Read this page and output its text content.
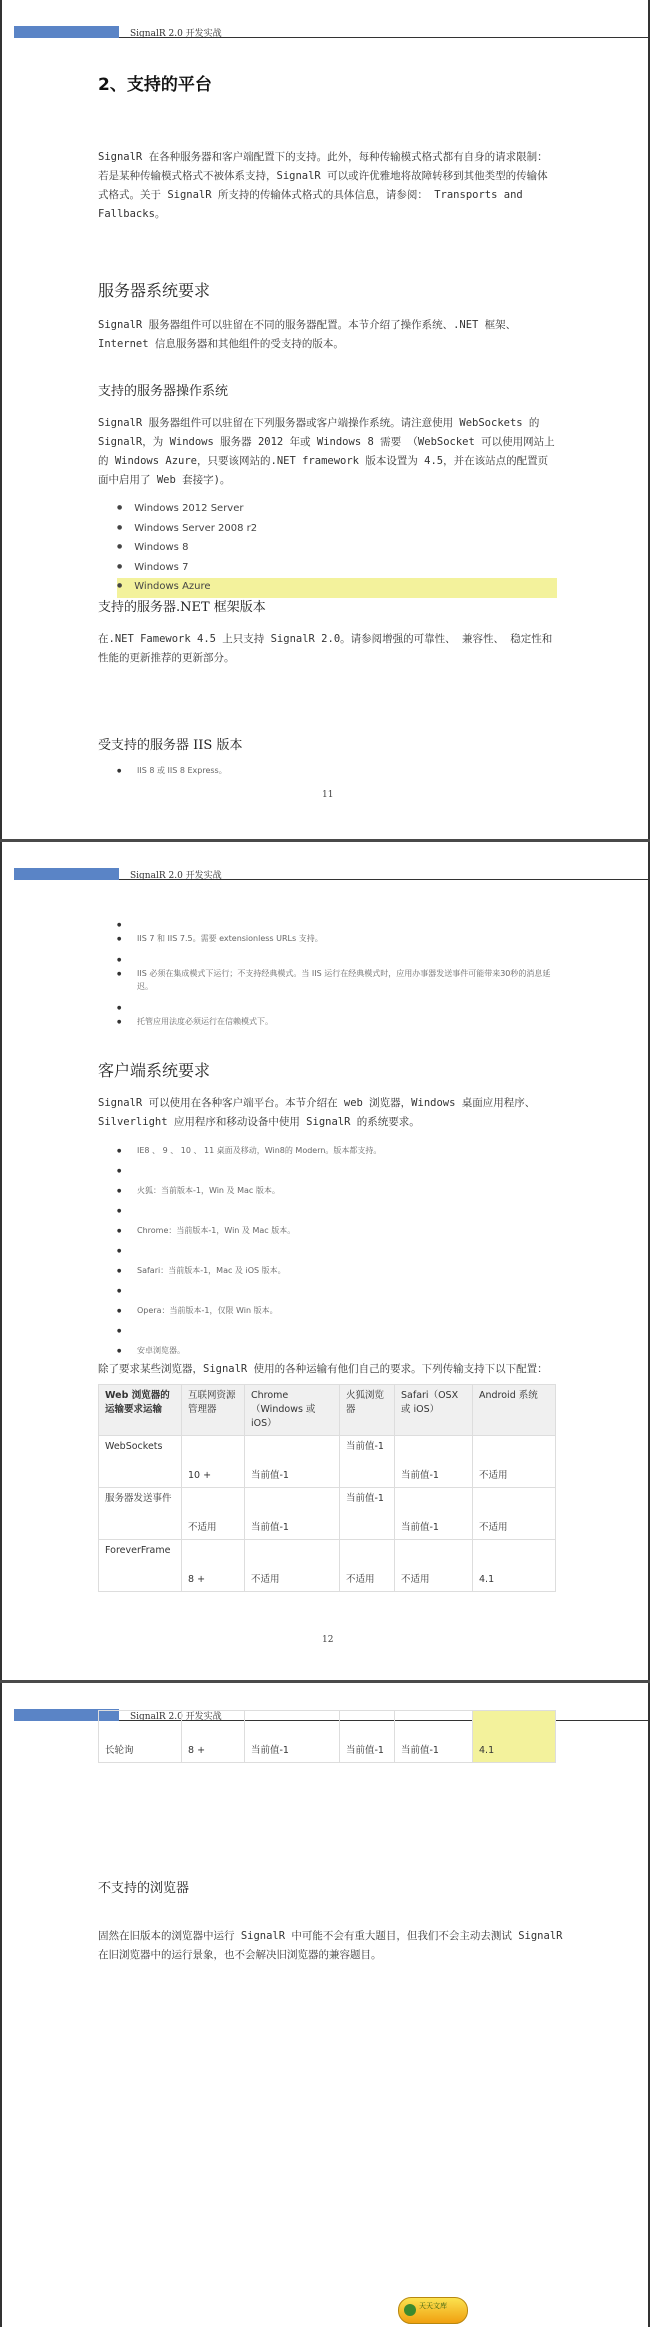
SignalR 2.0 开发实战
2、支持的平台
SignalR 在各种服务器和客户端配置下的支持。此外，每种传输模式格式都有自身的请求限制：若是某种传输模式格式不被体系支持，SignalR 可以或许优雅地将故障转移到其他类型的传输体式格式。关于 SignalR 所支持的传输体式格式的具体信息，请参阅： Transports and Fallbacks。
服务器系统要求
SignalR 服务器组件可以驻留在不同的服务器配置。本节介绍了操作系统、.NET 框架、Internet 信息服务器和其他组件的受支持的版本。
支持的服务器操作系统
SignalR 服务器组件可以驻留在下列服务器或客户端操作系统。请注意使用 WebSockets 的 SignalR，为 Windows 服务器 2012 年或 Windows 8 需要 （WebSocket 可以使用网站上的 Windows Azure，只要该网站的.NET framework 版本设置为 4.5，并在该站点的配置页面中启用了 Web 套接字)。
● Windows 2012 Server
● Windows Server 2008 r2
● Windows 8
● Windows 7
● Windows Azure
支持的服务器.NET 框架版本
在.NET Famework 4.5 上只支持 SignalR 2.0。请参阅增强的可靠性、 兼容性、 稳定性和性能的更新推荐的更新部分。
受支持的服务器 IIS 版本
● IIS 8 或 IIS 8 Express。
11
SignalR 2.0 开发实战
●
● IIS 7 和 IIS 7.5。需要 extensionless URLs 支持。
●
● IIS 必须在集成模式下运行；不支持经典模式。当 IIS 运行在经典模式时，应用办事器发送事件可能带来30秒的消息延迟。
●
● 托管应用法度必须运行在信赖模式下。
客户端系统要求
SignalR 可以使用在各种客户端平台。本节介绍在 web 浏览器，Windows 桌面应用程序、Silverlight 应用程序和移动设备中使用 SignalR 的系统要求。
● IE8 、 9 、 10 、 11 桌面及移动，Win8的 Modern。版本都支持。
●
● 火狐：当前版本-1，Win 及 Mac 版本。
●
● Chrome：当前版本-1，Win 及 Mac 版本。
●
● Safari：当前版本-1，Mac 及 iOS 版本。
●
● Opera：当前版本-1，仅限 Win 版本。
●
● 安卓浏览器。
除了要求某些浏览器，SignalR 使用的各种运输有他们自己的要求。下列传输支持下以下配置：
Web 浏览器的运输要求运输	互联网资源管理器	Chrome（Windows 或 iOS）	火狐浏览器	Safari（OSX 或 iOS）	Android 系统
WebSockets	10 +	当前值-1	当前值-1	当前值-1	不适用
服务器发送事件	不适用	当前值-1	当前值-1	当前值-1	不适用
ForeverFrame	8 +	不适用	不适用	不适用	4.1
12
SignalR 2.0 开发实战
长轮询	8 +	当前值-1	当前值-1	当前值-1	4.1
不支持的浏览器
固然在旧版本的浏览器中运行 SignalR 中可能不会有重大题目，但我们不会主动去测试 SignalR 在旧浏览器中的运行景象，也不会解决旧浏览器的兼容题目。
天天文库
